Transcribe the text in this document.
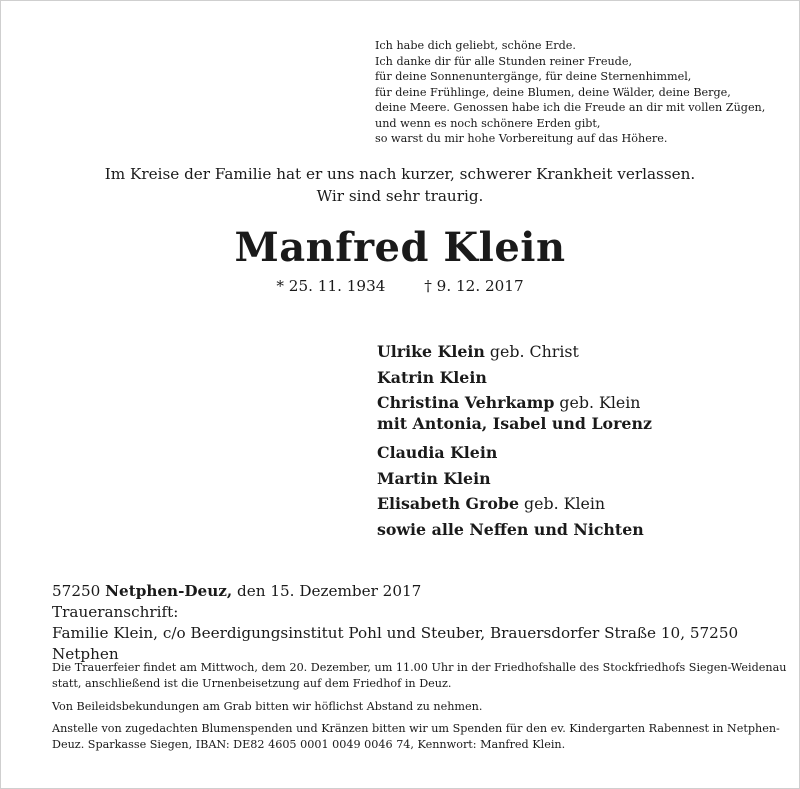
Ich habe dich geliebt, schöne Erde.
Ich danke dir für alle Stunden reiner Freude,
für deine Sonnenuntergänge, für deine Sternenhimmel,
für deine Frühlinge, deine Blumen, deine Wälder, deine Berge,
deine Meere. Genossen habe ich die Freude an dir mit vollen Zügen,
und wenn es noch schönere Erden gibt,
so warst du mir hohe Vorbereitung auf das Höhere.
Im Kreise der Familie hat er uns nach kurzer, schwerer Krankheit verlassen.
Wir sind sehr traurig.
Manfred Klein
* 25. 11. 1934	† 9. 12. 2017
Ulrike Klein geb. Christ
Katrin Klein
Christina Vehrkamp geb. Klein
mit Antonia, Isabel und Lorenz
Claudia Klein
Martin Klein
Elisabeth Grobe geb. Klein
sowie alle Neffen und Nichten
57250 Netphen-Deuz, den 15. Dezember 2017
Traueranschrift:
Familie Klein, c/o Beerdigungsinstitut Pohl und Steuber, Brauersdorfer Straße 10, 57250 Netphen
Die Trauerfeier findet am Mittwoch, dem 20. Dezember, um 11.00 Uhr in der Friedhofshalle des Stockfriedhofs Siegen-Weidenau
statt, anschließend ist die Urnenbeisetzung auf dem Friedhof in Deuz.
Von Beileidsbekundungen am Grab bitten wir höflichst Abstand zu nehmen.
Anstelle von zugedachten Blumenspenden und Kränzen bitten wir um Spenden für den ev. Kindergarten Rabennest in Netphen-
Deuz. Sparkasse Siegen, IBAN: DE82 4605 0001 0049 0046 74, Kennwort: Manfred Klein.
